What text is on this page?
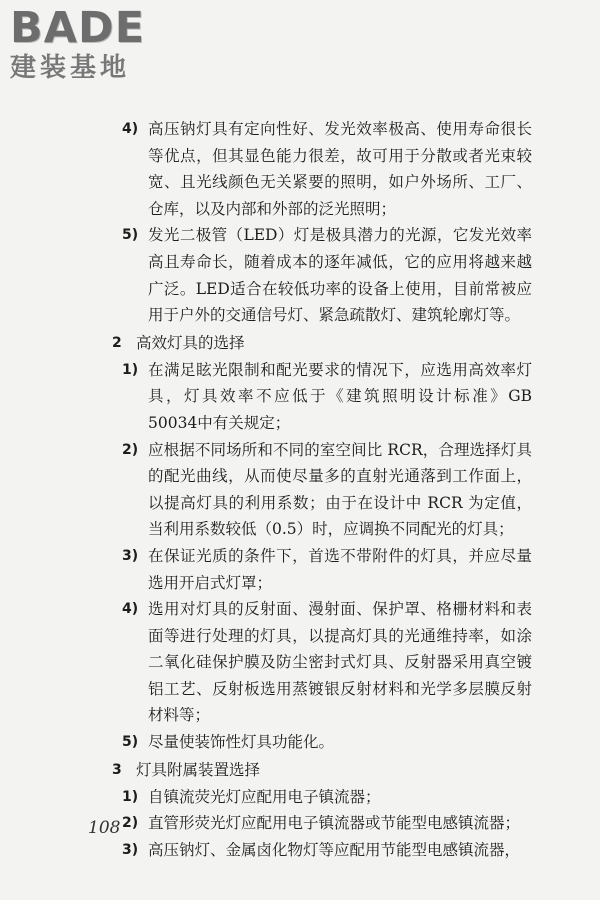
BADE
建装基地
4) 高压钠灯具有定向性好、发光效率极高、使用寿命很长等优点，但其显色能力很差，故可用于分散或者光束较宽、且光线颜色无关紧要的照明，如户外场所、工厂、仓库，以及内部和外部的泛光照明；
5) 发光二极管（LED）灯是极具潜力的光源，它发光效率高且寿命长，随着成本的逐年减低，它的应用将越来越广泛。LED适合在较低功率的设备上使用，目前常被应用于户外的交通信号灯、紧急疏散灯、建筑轮廓灯等。
2 高效灯具的选择
1) 在满足眩光限制和配光要求的情况下，应选用高效率灯具，灯具效率不应低于《建筑照明设计标准》GB 50034中有关规定；
2) 应根据不同场所和不同的室空间比 RCR，合理选择灯具的配光曲线，从而使尽量多的直射光通落到工作面上，以提高灯具的利用系数；由于在设计中 RCR 为定值，当利用系数较低（0.5）时，应调换不同配光的灯具；
3) 在保证光质的条件下，首选不带附件的灯具，并应尽量选用开启式灯罩；
4) 选用对灯具的反射面、漫射面、保护罩、格栅材料和表面等进行处理的灯具，以提高灯具的光通维持率，如涂二氧化硅保护膜及防尘密封式灯具、反射器采用真空镀铝工艺、反射板选用蒸镀银反射材料和光学多层膜反射材料等；
5) 尽量使装饰性灯具功能化。
3 灯具附属装置选择
1) 自镇流荧光灯应配用电子镇流器；
2) 直管形荧光灯应配用电子镇流器或节能型电感镇流器；
3) 高压钠灯、金属卤化物灯等应配用节能型电感镇流器，
108
